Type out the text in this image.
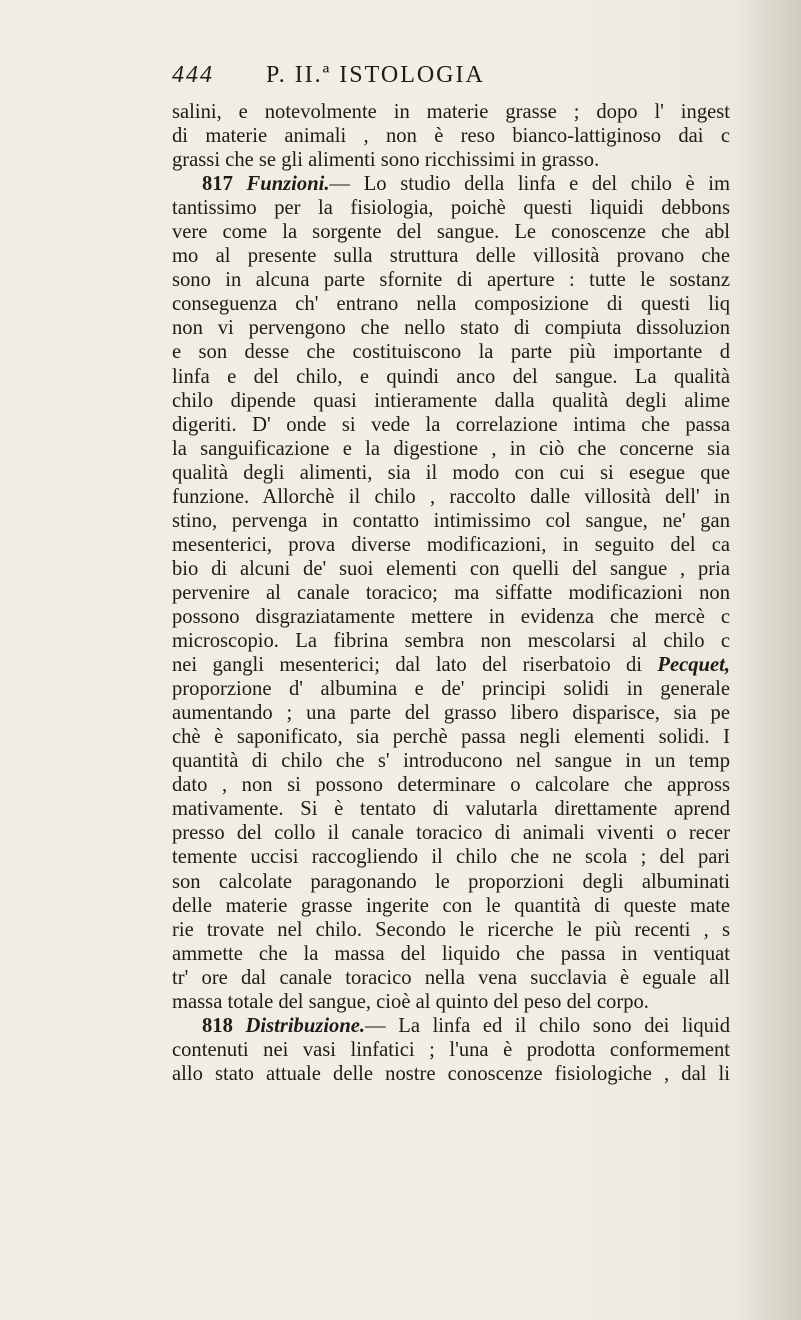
444 P. II.ª ISTOLOGIA
salini, e notevolmente in materie grasse ; dopo l' ingest
di materie animali , non è reso bianco-lattiginoso dai c
grassi che se gli alimenti sono ricchissimi in grasso.
817 Funzioni.— Lo studio della linfa e del chilo è im
tantissimo per la fisiologia, poichè questi liquidi debbons
vere come la sorgente del sangue. Le conoscenze che abl
mo al presente sulla struttura delle villosità provano che
sono in alcuna parte sfornite di aperture : tutte le sostanz
conseguenza ch' entrano nella composizione di questi liq
non vi pervengono che nello stato di compiuta dissoluzion
e son desse che costituiscono la parte più importante d
linfa e del chilo, e quindi anco del sangue. La qualità
chilo dipende quasi intieramente dalla qualità degli alime
digeriti. D' onde si vede la correlazione intima che passa
la sanguificazione e la digestione , in ciò che concerne sia
qualità degli alimenti, sia il modo con cui si esegue que
funzione. Allorchè il chilo , raccolto dalle villosità dell' in
stino, pervenga in contatto intimissimo col sangue, ne' gan
mesenterici, prova diverse modificazioni, in seguito del ca
bio di alcuni de' suoi elementi con quelli del sangue , pria
pervenire al canale toracico; ma siffatte modificazioni non
possono disgraziatamente mettere in evidenza che mercè c
microscopio. La fibrina sembra non mescolarsi al chilo c
nei gangli mesenterici; dal lato del riserbatoio di Pecquet,
proporzione d' albumina e de' principi solidi in generale
aumentando ; una parte del grasso libero disparisce, sia pe
chè è saponificato, sia perchè passa negli elementi solidi. I
quantità di chilo che s' introducono nel sangue in un temp
dato , non si possono determinare o calcolare che appross
mativamente. Si è tentato di valutarla direttamente aprend
presso del collo il canale toracico di animali viventi o recer
temente uccisi raccogliendo il chilo che ne scola ; del pari
son calcolate paragonando le proporzioni degli albuminati
delle materie grasse ingerite con le quantità di queste mate
rie trovate nel chilo. Secondo le ricerche le più recenti , s
ammette che la massa del liquido che passa in ventiquat
tr' ore dal canale toracico nella vena succlavia è eguale all
massa totale del sangue, cioè al quinto del peso del corpo.
818 Distribuzione.— La linfa ed il chilo sono dei liquid
contenuti nei vasi linfatici ; l'una è prodotta conformement
allo stato attuale delle nostre conoscenze fisiologiche , dal li
